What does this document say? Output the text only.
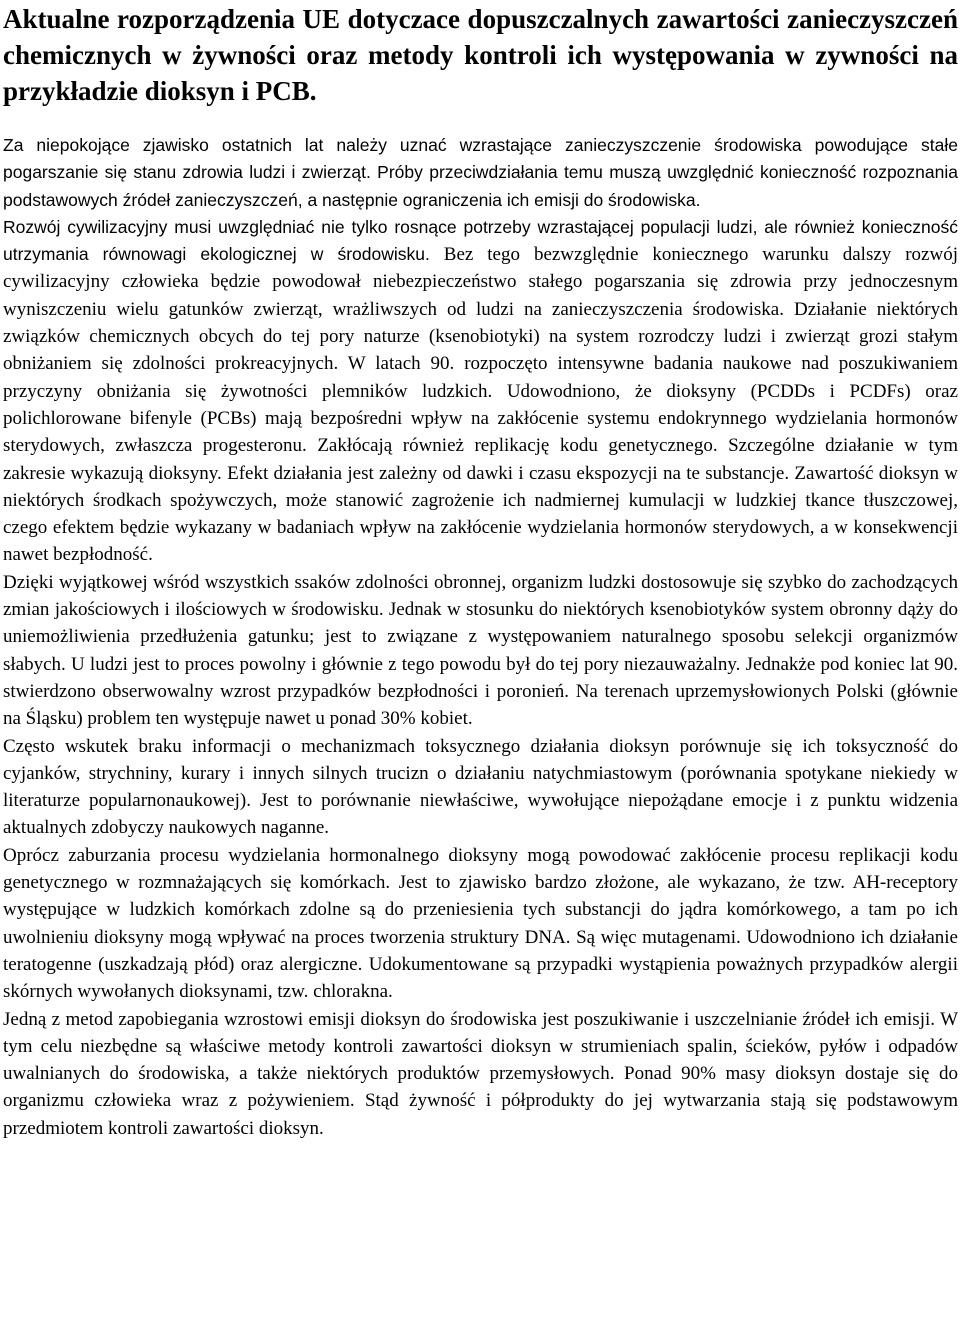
Aktualne rozporządzenia UE dotyczace dopuszczalnych zawartości zanieczyszczeń chemicznych w żywności oraz metody kontroli ich występowania w zywności na przykładzie dioksyn i PCB.

Za niepokojące zjawisko ostatnich lat należy uznać wzrastające zanieczyszczenie środowiska powodujące stałe pogarszanie się stanu zdrowia ludzi i zwierząt. Próby przeciwdziałania temu muszą uwzględnić konieczność rozpoznania podstawowych źródeł zanieczyszczeń, a następnie ograniczenia ich emisji do środowiska.

Rozwój cywilizacyjny musi uwzględniać nie tylko rosnące potrzeby wzrastającej populacji ludzi, ale również konieczność utrzymania równowagi ekologicznej w środowisku. Bez tego bezwzględnie koniecznego warunku dalszy rozwój cywilizacyjny człowieka będzie powodował niebezpieczeństwo stałego pogarszania się zdrowia przy jednoczesnym wyniszczeniu wielu gatunków zwierząt, wrażliwszych od ludzi na zanieczyszczenia środowiska. Działanie niektórych związków chemicznych obcych do tej pory naturze (ksenobiotyki) na system rozrodczy ludzi i zwierząt grozi stałym obniżaniem się zdolności prokreacyjnych. W latach 90. rozpoczęto intensywne badania naukowe nad poszukiwaniem przyczyny obniżania się żywotności plemników ludzkich. Udowodniono, że dioksyny (PCDDs i PCDFs) oraz polichlorowane bifenyle (PCBs) mają bezpośredni wpływ na zakłócenie systemu endokrynnego wydzielania hormonów sterydowych, zwłaszcza progesteronu. Zakłócają również replikację kodu genetycznego. Szczególne działanie w tym zakresie wykazują dioksyny. Efekt działania jest zależny od dawki i czasu ekspozycji na te substancje. Zawartość dioksyn w niektórych środkach spożywczych, może stanowić zagrożenie ich nadmiernej kumulacji w ludzkiej tkance tłuszczowej, czego efektem będzie wykazany w badaniach wpływ na zakłócenie wydzielania hormonów sterydowych, a w konsekwencji nawet bezpłodność.

Dzięki wyjątkowej wśród wszystkich ssaków zdolności obronnej, organizm ludzki dostosowuje się szybko do zachodzących zmian jakościowych i ilościowych w środowisku. Jednak w stosunku do niektórych ksenobiotyków system obronny dąży do uniemożliwienia przedłużenia gatunku; jest to związane z występowaniem naturalnego sposobu selekcji organizmów słabych. U ludzi jest to proces powolny i głównie z tego powodu był do tej pory niezauważalny. Jednakże pod koniec lat 90. stwierdzono obserwowalny wzrost przypadków bezpłodności i poronień. Na terenach uprzemysłowionych Polski (głównie na Śląsku) problem ten występuje nawet u ponad 30% kobiet.

Często wskutek braku informacji o mechanizmach toksycznego działania dioksyn porównuje się ich toksyczność do cyjanków, strychniny, kurary i innych silnych trucizn o działaniu natychmiastowym (porównania spotykane niekiedy w literaturze popularnonaukowej). Jest to porównanie niewłaściwe, wywołujące niepożądane emocje i z punktu widzenia aktualnych zdobyczy naukowych naganne.

Oprócz zaburzania procesu wydzielania hormonalnego dioksyny mogą powodować zakłócenie procesu replikacji kodu genetycznego w rozmnażających się komórkach. Jest to zjawisko bardzo złożone, ale wykazano, że tzw. AH-receptory występujące w ludzkich komórkach zdolne są do przeniesienia tych substancji do jądra komórkowego, a tam po ich uwolnieniu dioksyny mogą wpływać na proces tworzenia struktury DNA. Są więc mutagenami. Udowodniono ich działanie teratogenne (uszkadzają płód) oraz alergiczne. Udokumentowane są przypadki wystąpienia poważnych przypadków alergii skórnych wywołanych dioksynami, tzw. chlorakna.

Jedną z metod zapobiegania wzrostowi emisji dioksyn do środowiska jest poszukiwanie i uszczelnianie źródeł ich emisji. W tym celu niezbędne są właściwe metody kontroli zawartości dioksyn w strumieniach spalin, ścieków, pyłów i odpadów uwalnianych do środowiska, a także niektórych produktów przemysłowych. Ponad 90% masy dioksyn dostaje się do organizmu człowieka wraz z pożywieniem. Stąd żywność i półprodukty do jej wytwarzania stają się podstawowym przedmiotem kontroli zawartości dioksyn.
